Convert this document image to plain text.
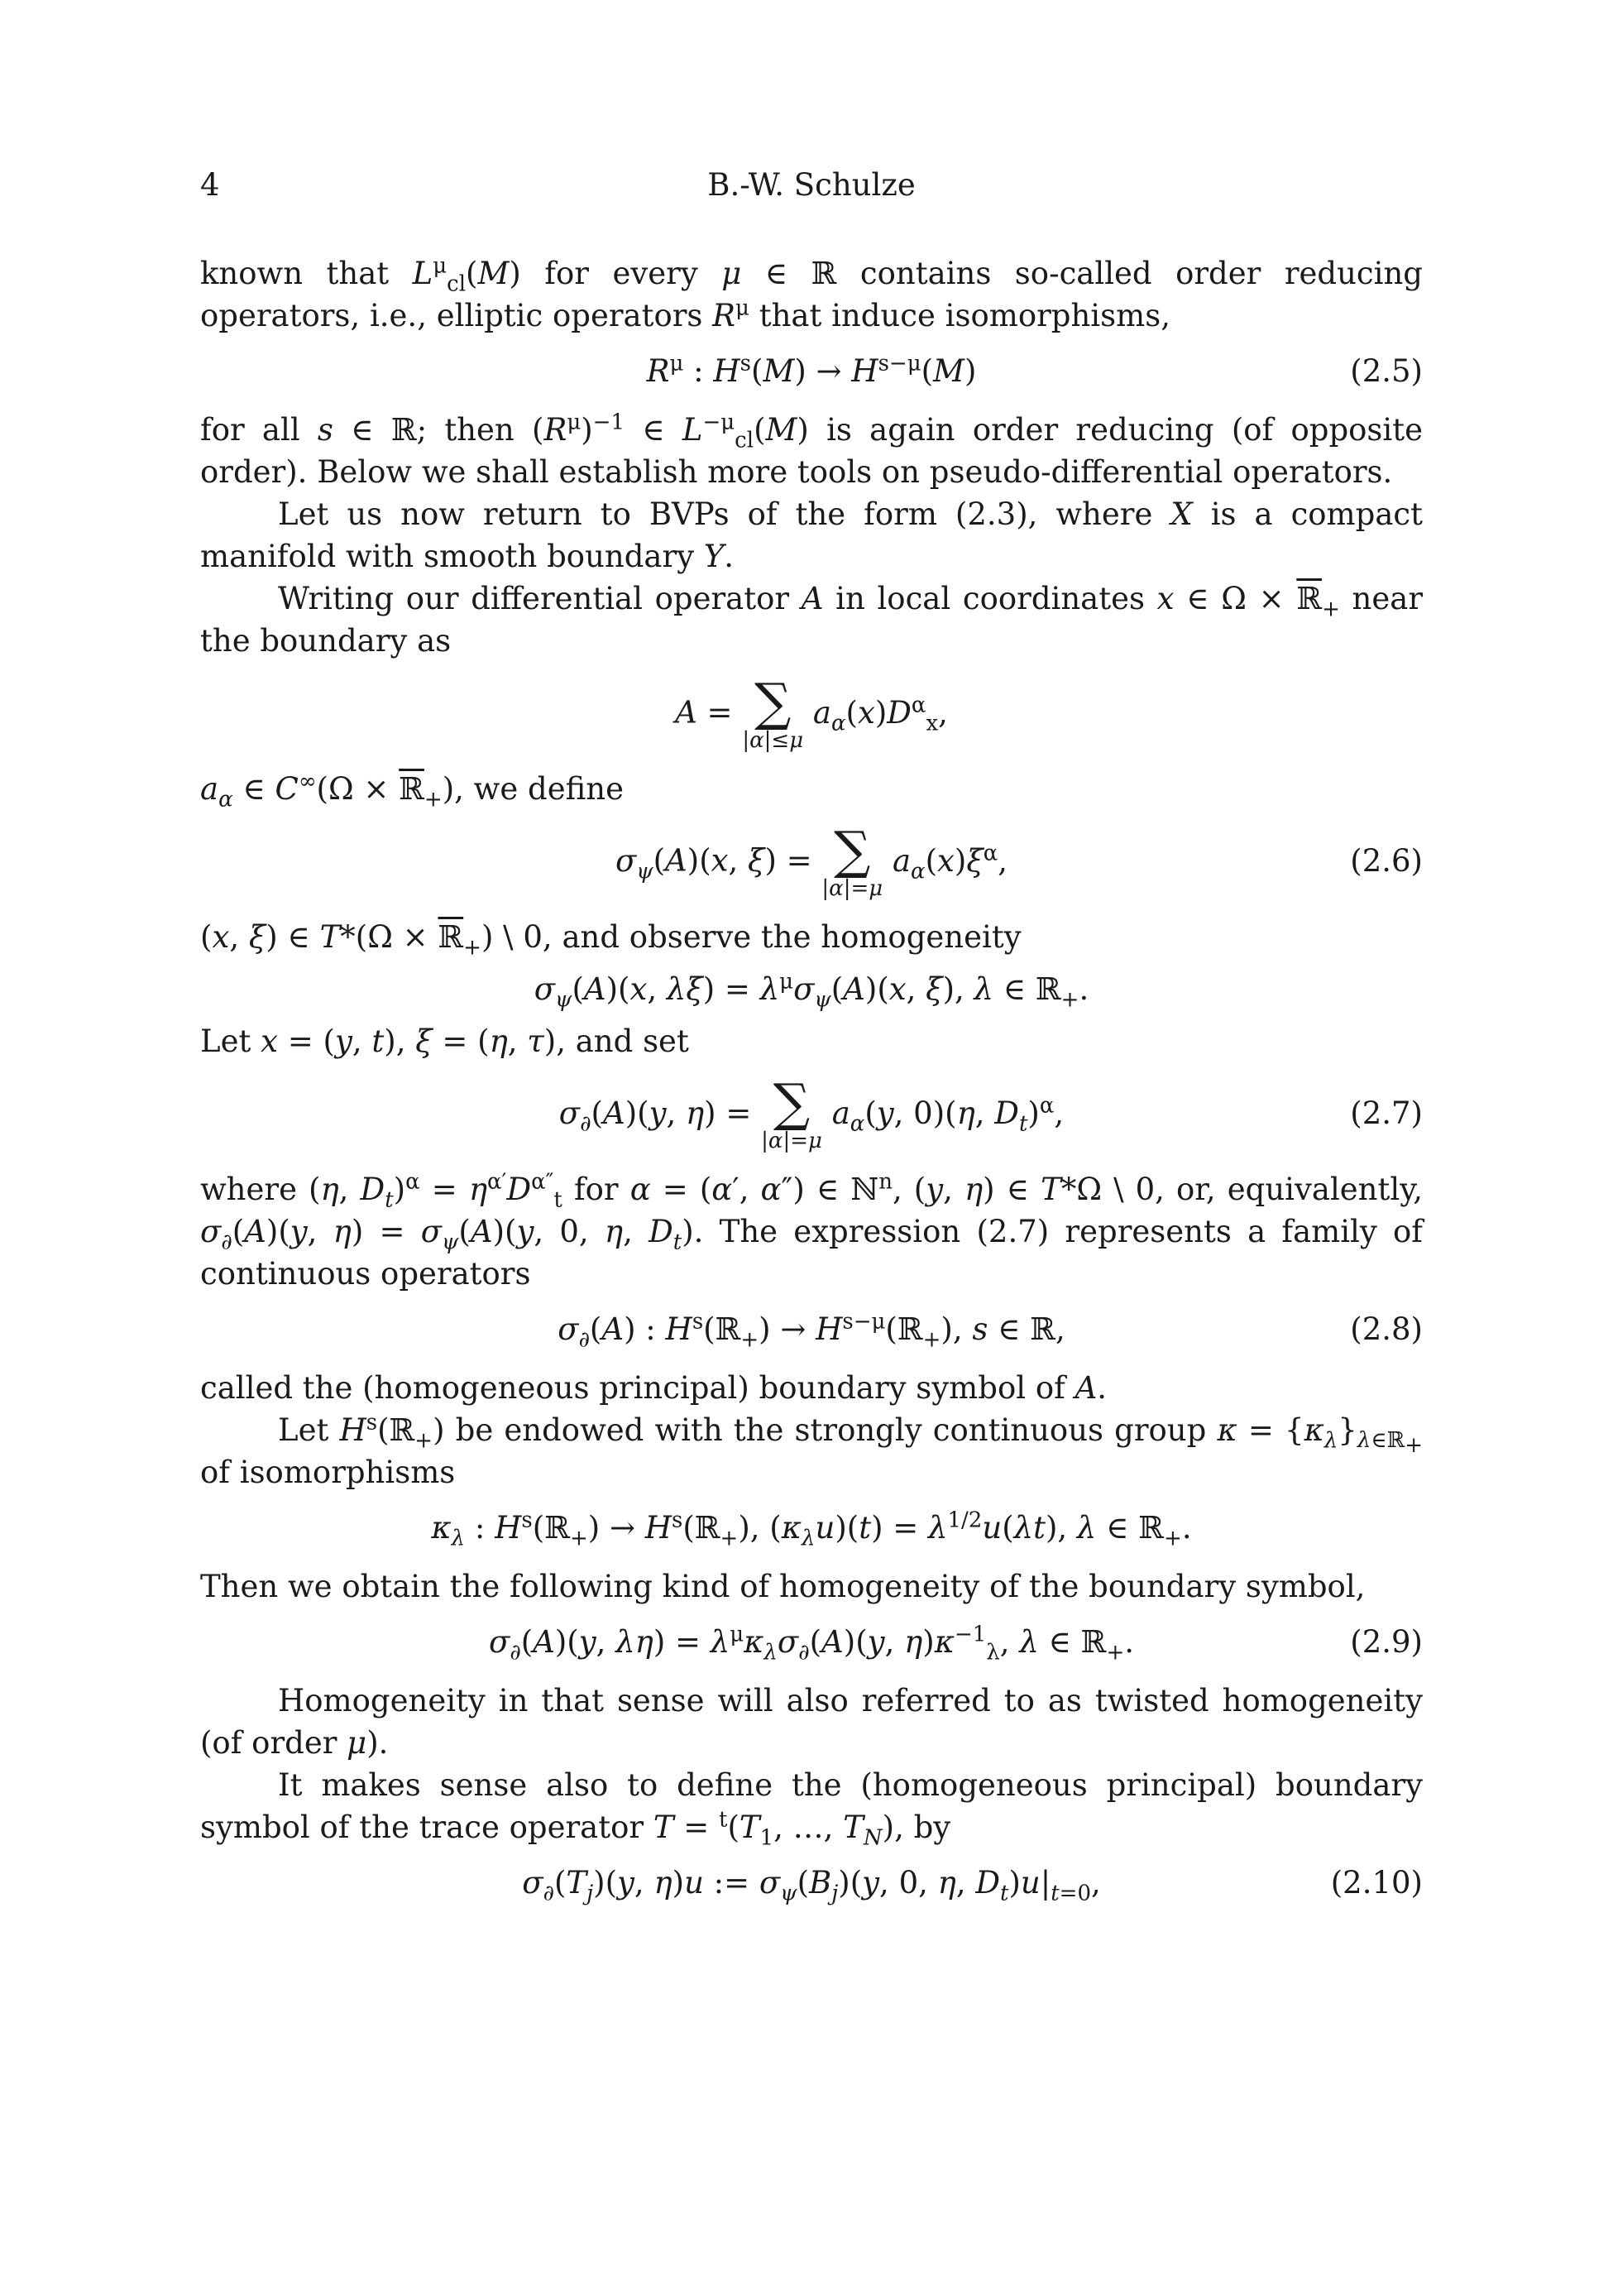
4	B.-W. Schulze

known that $L^\mu_{cl}(M)$ for every μ ∈ ℝ contains so-called order reducing operators, i.e., elliptic operators $R^\mu$ that induce isomorphisms,

$R^\mu$ : $H^s(M) \to H^{s-\mu}(M)$	(2.5)

for all s ∈ ℝ; then $(R^\mu)^{-1}$ ∈ $L^{-\mu}_{cl}(M)$ is again order reducing (of opposite order). Below we shall establish more tools on pseudo-differential operators.

Let us now return to BVPs of the form (2.3), where X is a compact manifold with smooth boundary Y.

Writing our differential operator A in local coordinates x ∈ Ω × ℝ$_+$ near the boundary as

A = ∑
|α|≤μ
$a_\alpha(x)D^\alpha_x$,

$a_\alpha$ ∈ C∞(Ω × ℝ$_+$), we define

$\sigma_\psi(A)(x$, ξ) = ∑
|α|=μ
$a_\alpha(x)\xi^\alpha$,	(2.6)

(x, ξ) ∈ T*(Ω × ℝ$_+$) \ 0, and observe the homogeneity

$\sigma_\psi(A)(x$, $\lambda\xi) = \lambda^\mu\sigma_\psi(A)(x$, ξ), λ ∈ ℝ$_+$.

Let x = (y, t), ξ = (η, τ), and set

$\sigma_\partial(A)(y$, η) = ∑
|α|=μ
$a_\alpha(y$, 0)(η, $D_t)^\alpha$,	(2.7)

where (η, $D_t)^\alpha = \eta^{\alpha'}D^{\alpha''}_t$ for α = (α′, α″) ∈ ℕ$^n$, (y, η) ∈ T*Ω \ 0, or, equivalently, $\sigma_\partial(A)(y$, $\eta) = \sigma_\psi(A)(y$, 0, η, $D_t$). The expression (2.7) represents a family of continuous operators

$\sigma_\partial(A)$ : $H^s(ℝ_+)$ → $H^{s-\mu}(ℝ_+)$, s ∈ ℝ,	(2.8)

called the (homogeneous principal) boundary symbol of A.

Let $H^s(ℝ_+)$ be endowed with the strongly continuous group $\kappa = \{\kappa_\lambda\}_{\lambda\in ℝ_+}$ of isomorphisms

$\kappa_\lambda$ : $H^s(ℝ_+)$ → $H^s(ℝ_+)$, $(\kappa_\lambda u)(t) = \lambda^{1/2}u(\lambda t)$, λ ∈ ℝ$_+$.

Then we obtain the following kind of homogeneity of the boundary symbol,

$\sigma_\partial(A)(y$, $\lambda\eta) = \lambda^\mu\kappa_\lambda\sigma_\partial(A)(y$, $\eta)\kappa^{-1}_\lambda$, λ ∈ ℝ$_+$.	(2.9)

Homogeneity in that sense will also referred to as twisted homogeneity (of order μ).

It makes sense also to define the (homogeneous principal) boundary symbol of the trace operator $T = ^t(T_1$, …, $T_N$), by

$\sigma_\partial(T_j)(y$, η)u := $\sigma_\psi(B_j)(y$, 0, η, $D_t)u|_{t=0}$,	(2.10)
